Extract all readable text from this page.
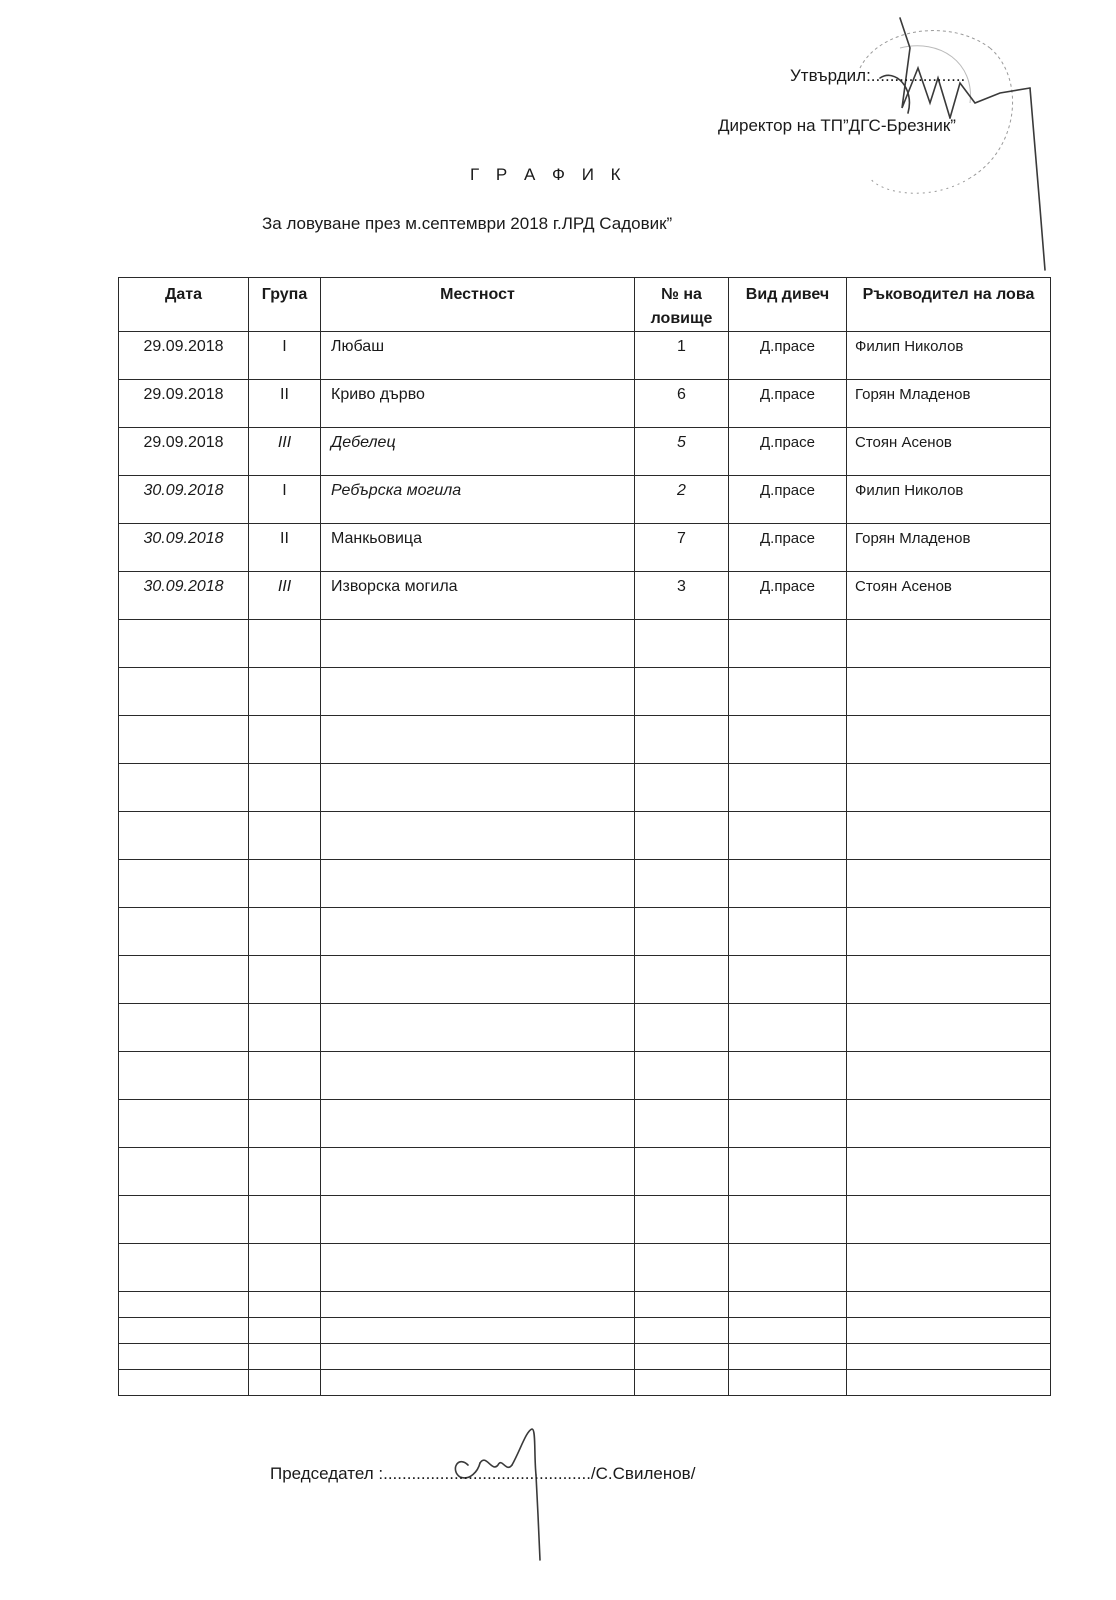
Утвърдил:....................
Директор на ТП”ДГС-Брезник”
Г Р А Ф И К
За ловуване през м.септември 2018 г.ЛРД Садовик”
Дата	Група	Местност	№ на ловище	Вид дивеч	Ръководител на лова
29.09.2018	I	Любаш	1	Д.прасе	Филип Николов
29.09.2018	II	Криво дърво	6	Д.прасе	Горян Младенов
29.09.2018	III	Дебелец	5	Д.прасе	Стоян Асенов
30.09.2018	I	Ребърска могила	2	Д.прасе	Филип Николов
30.09.2018	II	Манкьовица	7	Д.прасе	Горян Младенов
30.09.2018	III	Изворска могила	3	Д.прасе	Стоян Асенов

Председател :............................................/С.Свиленов/
